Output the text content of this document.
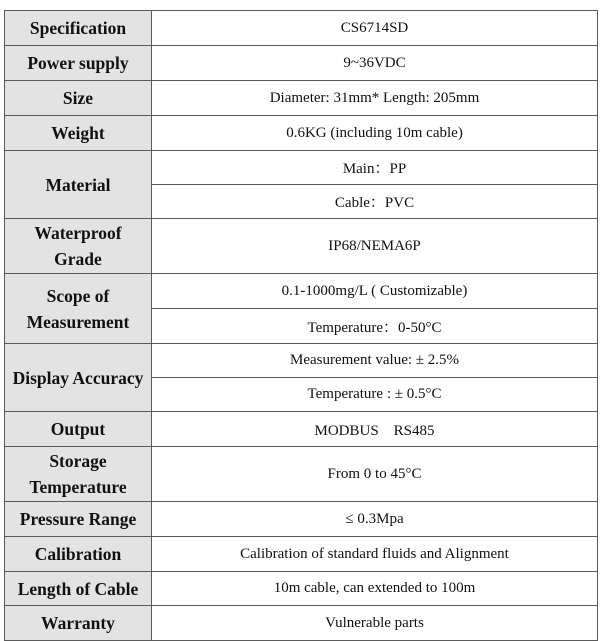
Specification	CS6714SD
Power supply	9~36VDC
Size	Diameter: 31mm* Length: 205mm
Weight	0.6KG (including 10m cable)
Material	Main：PP
	Cable：PVC
Waterproof Grade	IP68/NEMA6P
Scope of Measurement	0.1-1000mg/L ( Customizable)
	Temperature：0-50°C
Display Accuracy	Measurement value: ± 2.5%
	Temperature : ± 0.5°C
Output	MODBUS　RS485
Storage Temperature	From 0 to 45°C
Pressure Range	≤ 0.3Mpa
Calibration	Calibration of standard fluids and Alignment
Length of Cable	10m cable, can extended to 100m
Warranty	Vulnerable parts
